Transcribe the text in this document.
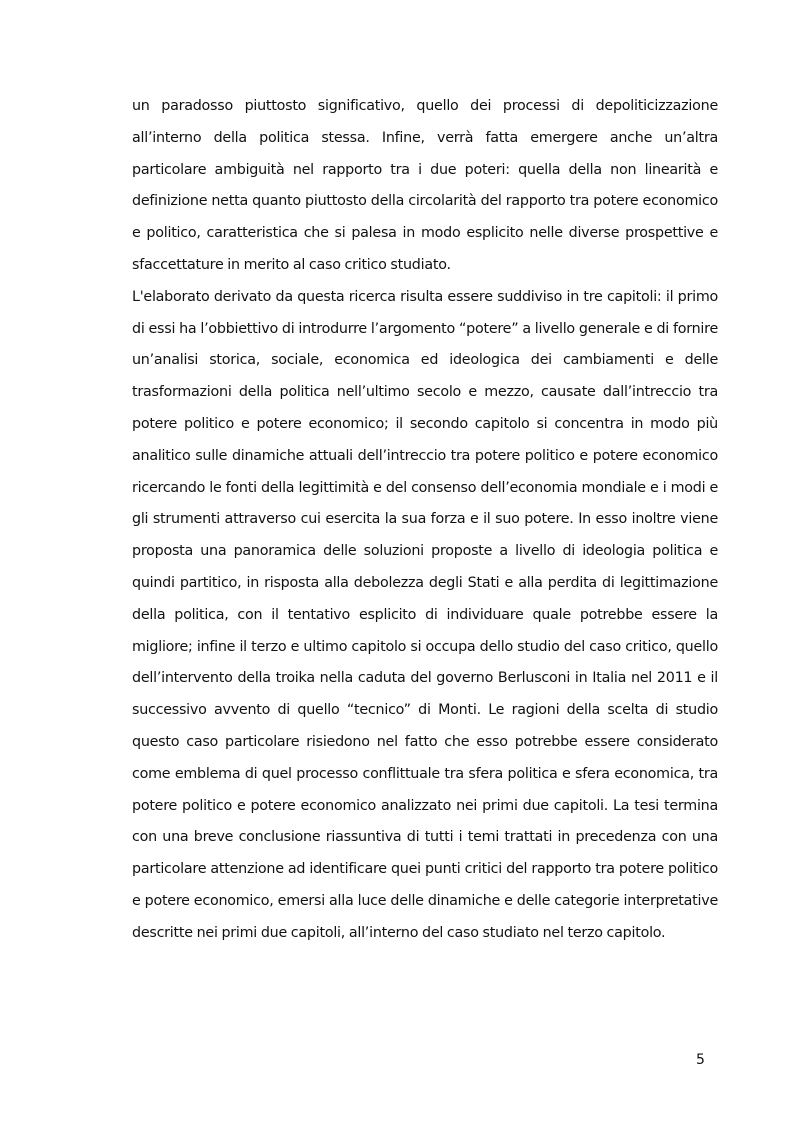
un paradosso piuttosto significativo, quello dei processi di depoliticizzazione all’interno della politica stessa. Infine, verrà fatta emergere anche un’altra particolare ambiguità nel rapporto tra i due poteri: quella della non linearità e definizione netta quanto piuttosto della circolarità del rapporto tra potere economico e politico, caratteristica che si palesa in modo esplicito nelle diverse prospettive e sfaccettature in merito al caso critico studiato.

L'elaborato derivato da questa ricerca risulta essere suddiviso in tre capitoli: il primo di essi ha l’obbiettivo di introdurre l’argomento “potere” a livello generale e di fornire un’analisi storica, sociale, economica ed ideologica dei cambiamenti e delle trasformazioni della politica nell’ultimo secolo e mezzo, causate dall’intreccio tra potere politico e potere economico; il secondo capitolo si concentra in modo più analitico sulle dinamiche attuali dell’intreccio tra potere politico e potere economico ricercando le fonti della legittimità e del consenso dell’economia mondiale e i modi e gli strumenti attraverso cui esercita la sua forza e il suo potere. In esso inoltre viene proposta una panoramica delle soluzioni proposte a livello di ideologia politica e quindi partitico, in risposta alla debolezza degli Stati e alla perdita di legittimazione della politica, con il tentativo esplicito di individuare quale potrebbe essere la migliore; infine il terzo e ultimo capitolo si occupa dello studio del caso critico, quello dell’intervento della troika nella caduta del governo Berlusconi in Italia nel 2011 e il successivo avvento di quello “tecnico” di Monti. Le ragioni della scelta di studio questo caso particolare risiedono nel fatto che esso potrebbe essere considerato come emblema di quel processo conflittuale tra sfera politica e sfera economica, tra potere politico e potere economico analizzato nei primi due capitoli. La tesi termina con una breve conclusione riassuntiva di tutti i temi trattati in precedenza con una particolare attenzione ad identificare quei punti critici del rapporto tra potere politico e potere economico, emersi alla luce delle dinamiche e delle categorie interpretative descritte nei primi due capitoli, all’interno del caso studiato nel terzo capitolo.

5
